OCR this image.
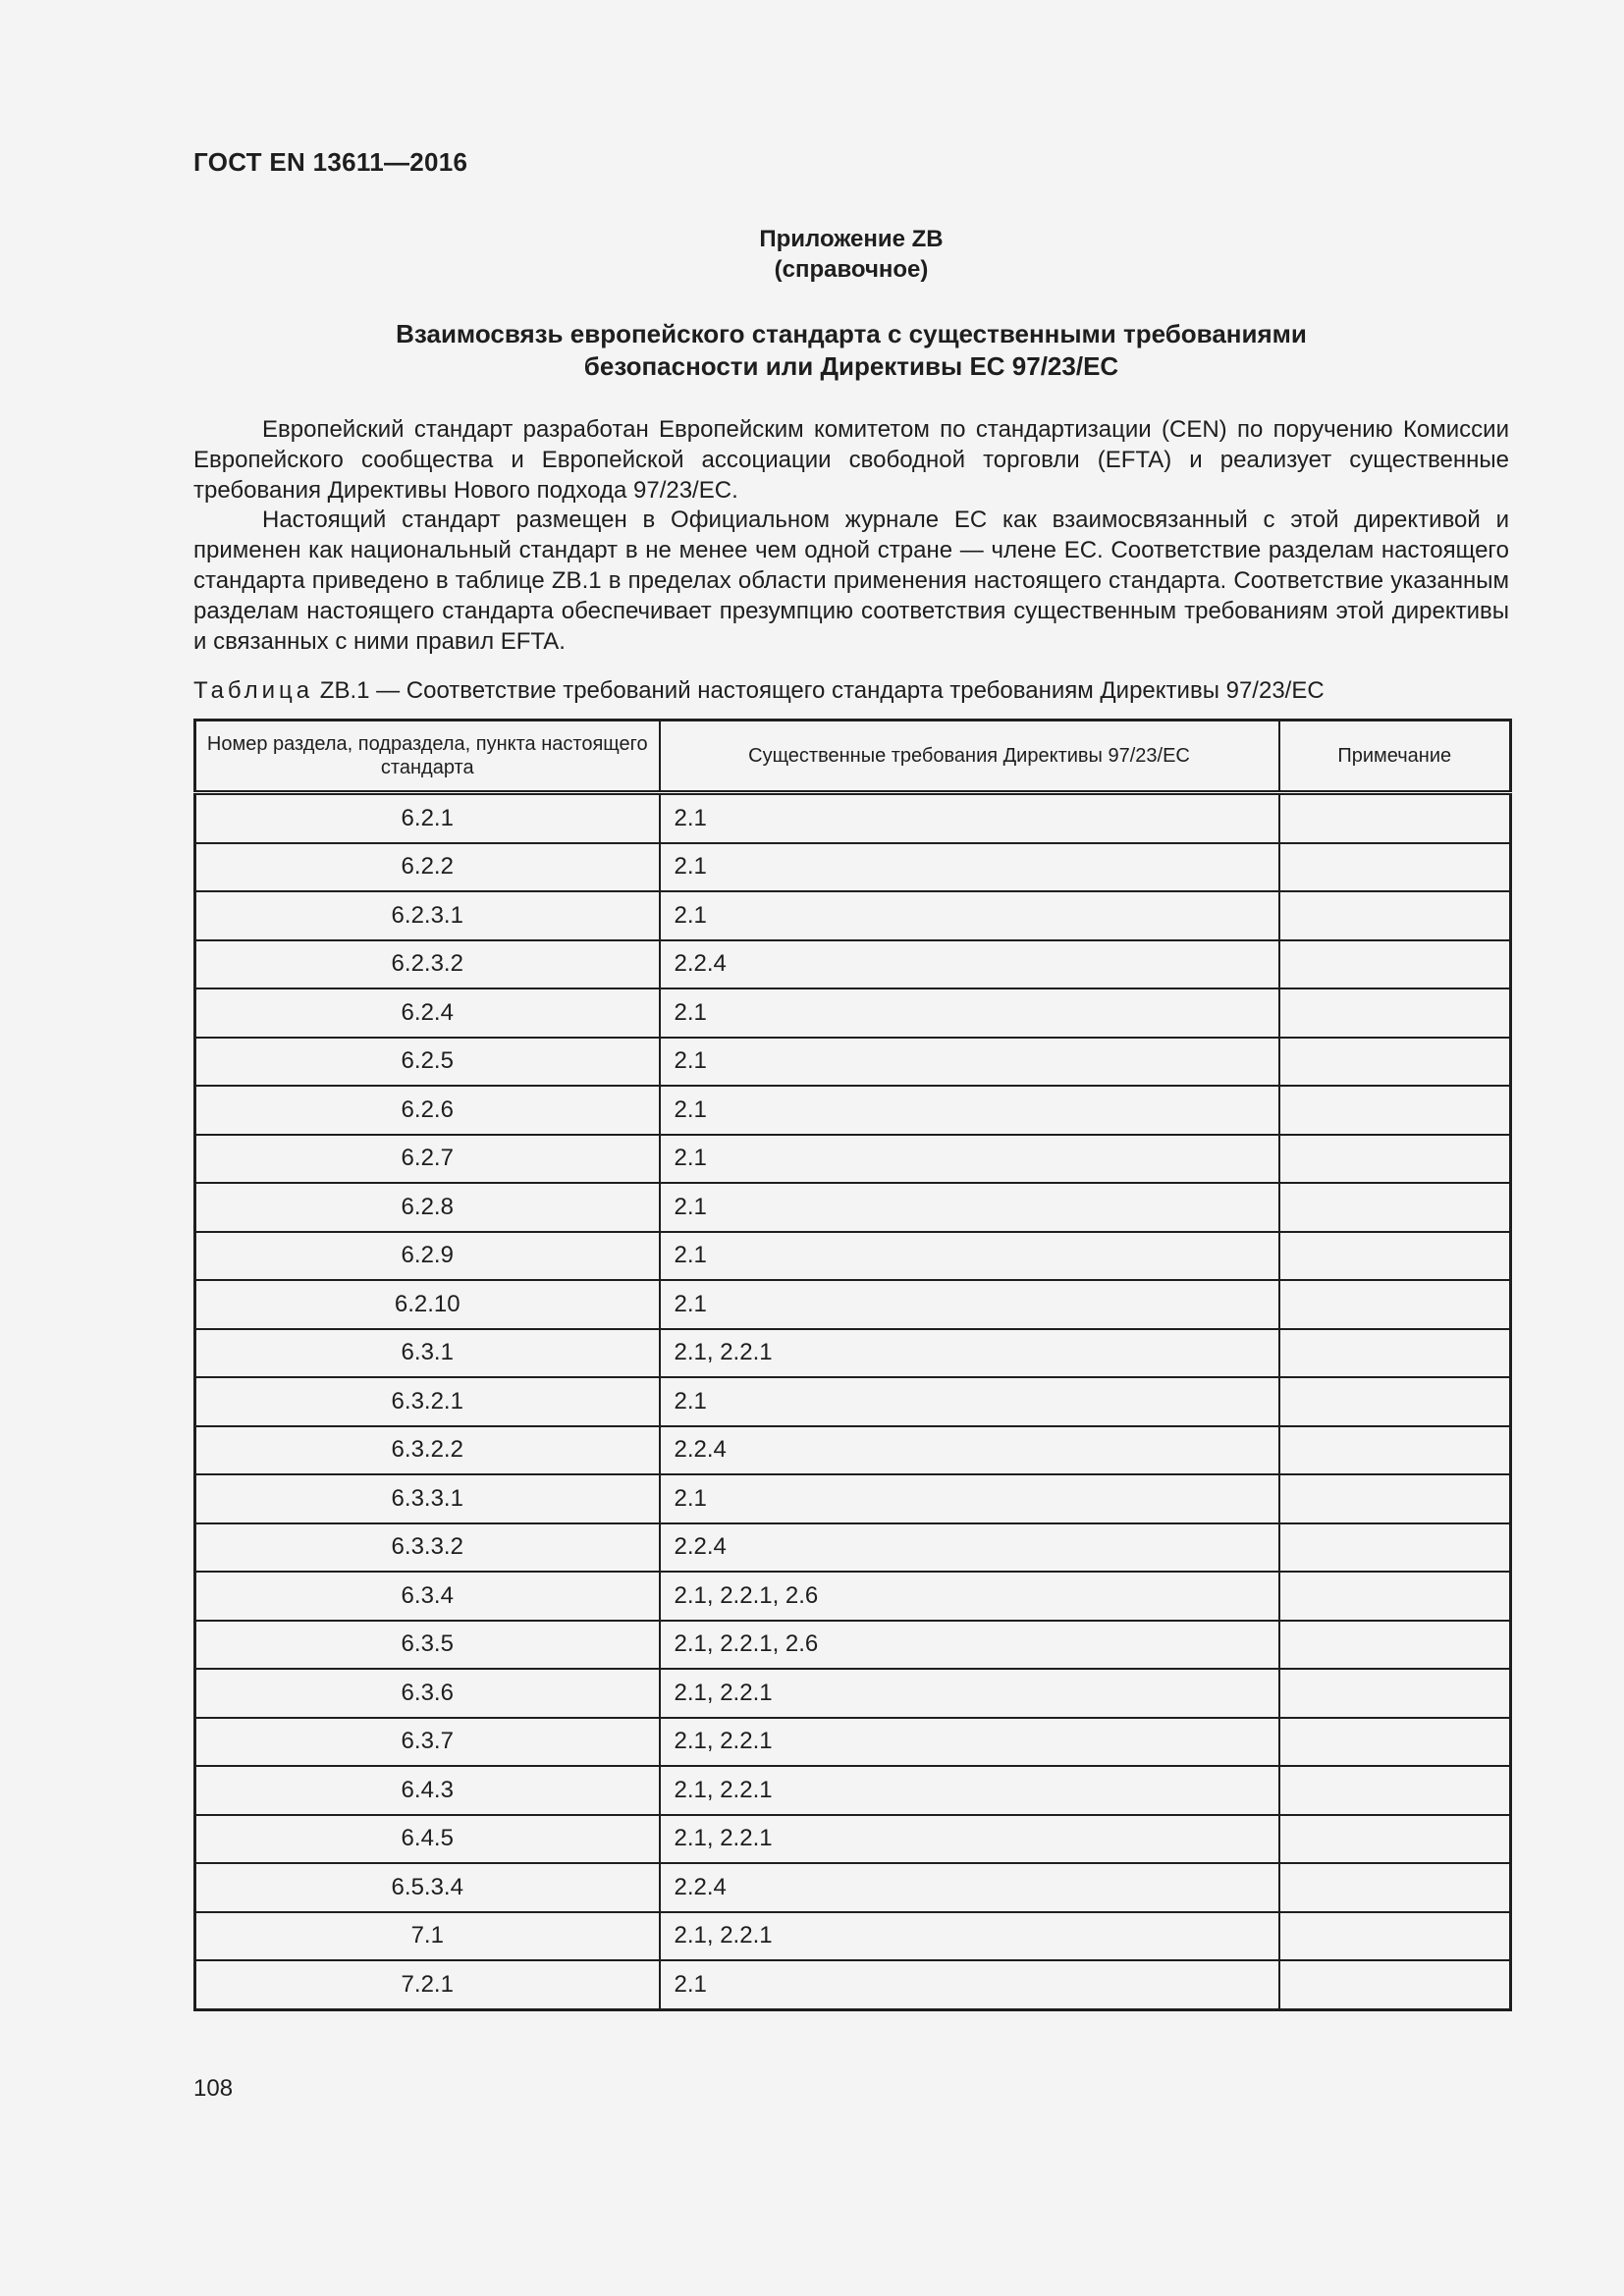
ГОСТ EN 13611—2016
Приложение ZВ
(справочное)
Взаимосвязь европейского стандарта с существенными требованиями
безопасности или Директивы ЕС 97/23/ЕС

Европейский стандарт разработан Европейским комитетом по стандартизации (CEN) по поручению Комиссии Европейского сообщества и Европейской ассоциации свободной торговли (EFTA) и реализует существенные требования Директивы Нового подхода 97/23/ЕС.

Настоящий стандарт размещен в Официальном журнале ЕС как взаимосвязанный с этой директивой и применен как национальный стандарт в не менее чем одной стране — члене ЕС. Соответствие разделам настоящего стандарта приведено в таблице ZB.1 в пределах области применения настоящего стандарта. Соответствие указанным разделам настоящего стандарта обеспечивает презумпцию соответствия существенным требованиям этой директивы и связанных с ними правил EFTA.

Таблица ZB.1 — Соответствие требований настоящего стандарта требованиям Директивы 97/23/ЕС
Номер раздела, подраздела, пункта настоящего стандарта	Существенные требования Директивы 97/23/ЕС	Примечание
6.2.1	2.1	
6.2.2	2.1	
6.2.3.1	2.1	
6.2.3.2	2.2.4	
6.2.4	2.1	
6.2.5	2.1	
6.2.6	2.1	
6.2.7	2.1	
6.2.8	2.1	
6.2.9	2.1	
6.2.10	2.1	
6.3.1	2.1, 2.2.1	
6.3.2.1	2.1	
6.3.2.2	2.2.4	
6.3.3.1	2.1	
6.3.3.2	2.2.4	
6.3.4	2.1, 2.2.1, 2.6	
6.3.5	2.1, 2.2.1, 2.6	
6.3.6	2.1, 2.2.1	
6.3.7	2.1, 2.2.1	
6.4.3	2.1, 2.2.1	
6.4.5	2.1, 2.2.1	
6.5.3.4	2.2.4	
7.1	2.1, 2.2.1	
7.2.1	2.1	
108
